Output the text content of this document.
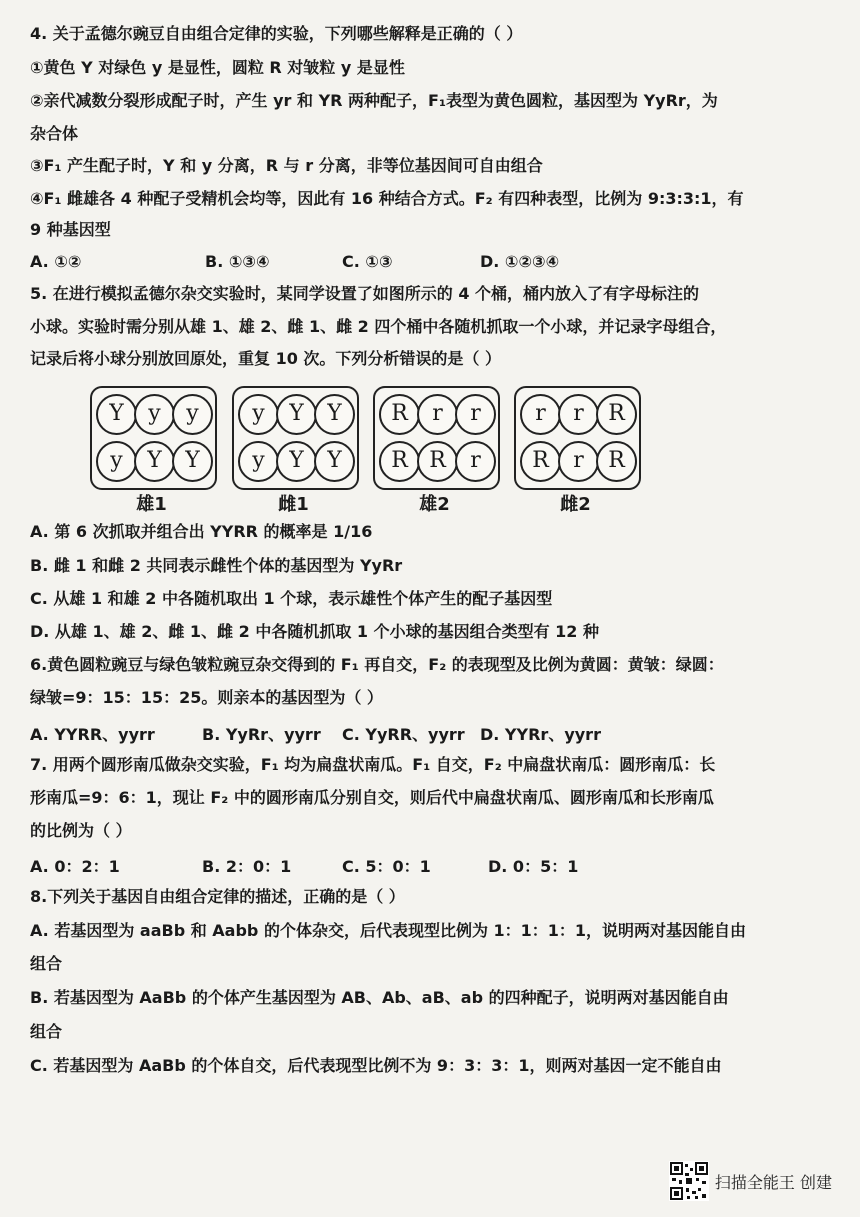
4. 关于孟德尔豌豆自由组合定律的实验，下列哪些解释是正确的（ ）
①黄色 Y 对绿色 y 是显性，圆粒 R 对皱粒 y 是显性
②亲代减数分裂形成配子时，产生 yr 和 YR 两种配子，F₁表型为黄色圆粒，基因型为 YyRr，为
杂合体
③F₁ 产生配子时，Y 和 y 分离，R 与 r 分离，非等位基因间可自由组合
④F₁ 雌雄各 4 种配子受精机会均等，因此有 16 种结合方式。F₂ 有四种表型，比例为 9:3:3:1，有
9 种基因型
A. ①②	B. ①③④	C. ①③	D. ①②③④
5. 在进行模拟孟德尔杂交实验时，某同学设置了如图所示的 4 个桶，桶内放入了有字母标注的
小球。实验时需分别从雄 1、雄 2、雌 1、雌 2 四个桶中各随机抓取一个小球，并记录字母组合，
记录后将小球分别放回原处，重复 10 次。下列分析错误的是（ ）
Y	y	y
y	Y	Y
雄1
y	Y	Y
y	Y	Y
雌1
R	r	r
R R	r
雄2
r	r	R
R	r	R
雌2
A. 第 6 次抓取并组合出 YYRR 的概率是 1/16
B. 雌 1 和雌 2 共同表示雌性个体的基因型为 YyRr
C. 从雄 1 和雄 2 中各随机取出 1 个球，表示雄性个体产生的配子基因型
D. 从雄 1、雄 2、雌 1、雌 2 中各随机抓取 1 个小球的基因组合类型有 12 种
6.黄色圆粒豌豆与绿色皱粒豌豆杂交得到的 F₁ 再自交，F₂ 的表现型及比例为黄圆：黄皱：绿圆：
绿皱=9：15：15：25。则亲本的基因型为（ ）
A. YYRR、yyrr	B. YyRr、yyrr C. YyRR、yyrr D. YYRr、yyrr
7. 用两个圆形南瓜做杂交实验，F₁ 均为扁盘状南瓜。F₁ 自交，F₂ 中扁盘状南瓜：圆形南瓜：长
形南瓜=9：6：1，现让 F₂ 中的圆形南瓜分别自交，则后代中扁盘状南瓜、圆形南瓜和长形南瓜
的比例为（ ）
A. 0：2：1	B. 2：0：1	C. 5：0：1	D. 0：5：1
8.下列关于基因自由组合定律的描述，正确的是（ ）
A. 若基因型为 aaBb 和 Aabb 的个体杂交，后代表现型比例为 1：1：1：1，说明两对基因能自由
组合
B. 若基因型为 AaBb 的个体产生基因型为 AB、Ab、aB、ab 的四种配子，说明两对基因能自由
组合
C. 若基因型为 AaBb 的个体自交，后代表现型比例不为 9：3：3：1，则两对基因一定不能自由
扫描全能王 创建
